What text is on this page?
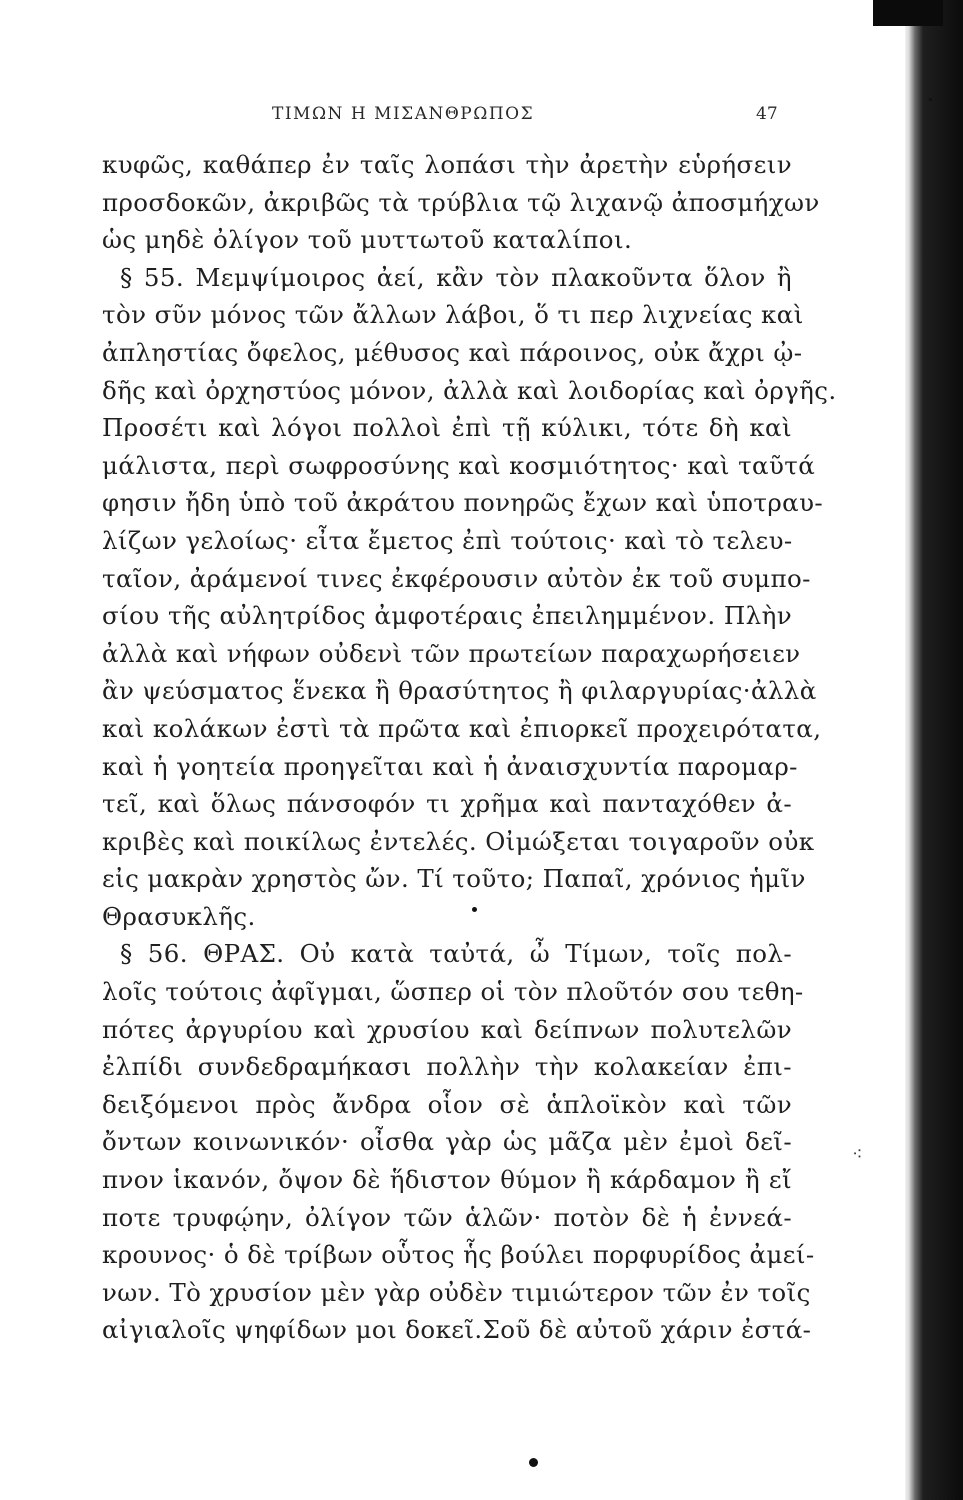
ΤΙΜΩΝ Η ΜΙΣΑΝΘΡΩΠΟΣ	47
κυφῶς, καθάπερ ἐν ταῖς λοπάσι τὴν ἀρετὴν εὑρήσειν
προσδοκῶν, ἀκριβῶς τὰ τρύβλια τῷ λιχανῷ ἀποσμήχων
ὡς μηδὲ ὀλίγον τοῦ μυττωτοῦ καταλίποι.
§ 55. Μεμψίμοιρος ἀεί, κἂν τὸν πλακοῦντα ὅλον ἢ
τὸν σῦν μόνος τῶν ἄλλων λάβοι, ὅ τι περ λιχνείας καὶ
ἀπληστίας ὄφελος, μέθυσος καὶ πάροινος, οὐκ ἄχρι ᾠ-
δῆς καὶ ὀρχηστύος μόνον, ἀλλὰ καὶ λοιδορίας καὶ ὀργῆς.
Προσέτι καὶ λόγοι πολλοὶ ἐπὶ τῇ κύλικι, τότε δὴ καὶ
μάλιστα, περὶ σωφροσύνης καὶ κοσμιότητος· καὶ ταῦτά
φησιν ἤδη ὑπὸ τοῦ ἀκράτου πονηρῶς ἔχων καὶ ὑποτραυ-
λίζων γελοίως· εἶτα ἔμετος ἐπὶ τούτοις· καὶ τὸ τελευ-
ταῖον, ἀράμενοί τινες ἐκφέρουσιν αὐτὸν ἐκ τοῦ συμπο-
σίου τῆς αὐλητρίδος ἀμφοτέραις ἐπειλημμένον. Πλὴν
ἀλλὰ καὶ νήφων οὐδενὶ τῶν πρωτείων παραχωρήσειεν
ἂν ψεύσματος ἕνεκα ἢ θρασύτητος ἢ φιλαργυρίας·ἀλλὰ
καὶ κολάκων ἐστὶ τὰ πρῶτα καὶ ἐπιορκεῖ προχειρότατα,
καὶ ἡ γοητεία προηγεῖται καὶ ἡ ἀναισχυντία παρομαρ-
τεῖ, καὶ ὅλως πάνσοφόν τι χρῆμα καὶ πανταχόθεν ἀ-
κριβὲς καὶ ποικίλως ἐντελές. Οἰμώξεται τοιγαροῦν οὐκ
εἰς μακρὰν χρηστὸς ὤν. Τί τοῦτο; Παπαῖ, χρόνιος ἡμῖν
Θρασυκλῆς.
§ 56. ΘΡΑΣ. Οὐ κατὰ ταὐτά, ὦ Τίμων, τοῖς πολ-
λοῖς τούτοις ἀφῖγμαι, ὥσπερ οἱ τὸν πλοῦτόν σου τεθη-
πότες ἀργυρίου καὶ χρυσίου καὶ δείπνων πολυτελῶν
ἐλπίδι συνδεδραμήκασι πολλὴν τὴν κολακείαν ἐπι-
δειξόμενοι πρὸς ἄνδρα οἷον σὲ ἁπλοϊκὸν καὶ τῶν
ὄντων κοινωνικόν· οἶσθα γὰρ ὡς μᾶζα μὲν ἐμοὶ δεῖ-
πνον ἱκανόν, ὄψον δὲ ἥδιστον θύμον ἢ κάρδαμον ἢ εἴ
ποτε τρυφῴην, ὀλίγον τῶν ἁλῶν· ποτὸν δὲ ἡ ἐννεά-
κρουνος· ὁ δὲ τρίβων οὗτος ἧς βούλει πορφυρίδος ἀμεί-
νων. Τὸ χρυσίον μὲν γὰρ οὐδὲν τιμιώτερον τῶν ἐν τοῖς
αἰγιαλοῖς ψηφίδων μοι δοκεῖ.Σοῦ δὲ αὐτοῦ χάριν ἐστά-
⁖
